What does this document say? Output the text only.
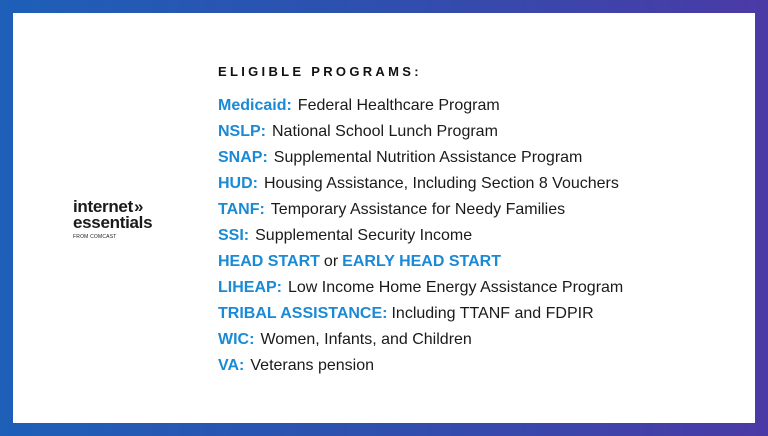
internet»
essentials
FROM COMCAST
ELIGIBLE PROGRAMS:
Medicaid: Federal Healthcare Program
NSLP: National School Lunch Program
SNAP: Supplemental Nutrition Assistance Program
HUD: Housing Assistance, Including Section 8 Vouchers
TANF: Temporary Assistance for Needy Families
SSI: Supplemental Security Income
HEAD START or EARLY HEAD START
LIHEAP: Low Income Home Energy Assistance Program
TRIBAL ASSISTANCE: Including TTANF and FDPIR
WIC: Women, Infants, and Children
VA: Veterans pension
